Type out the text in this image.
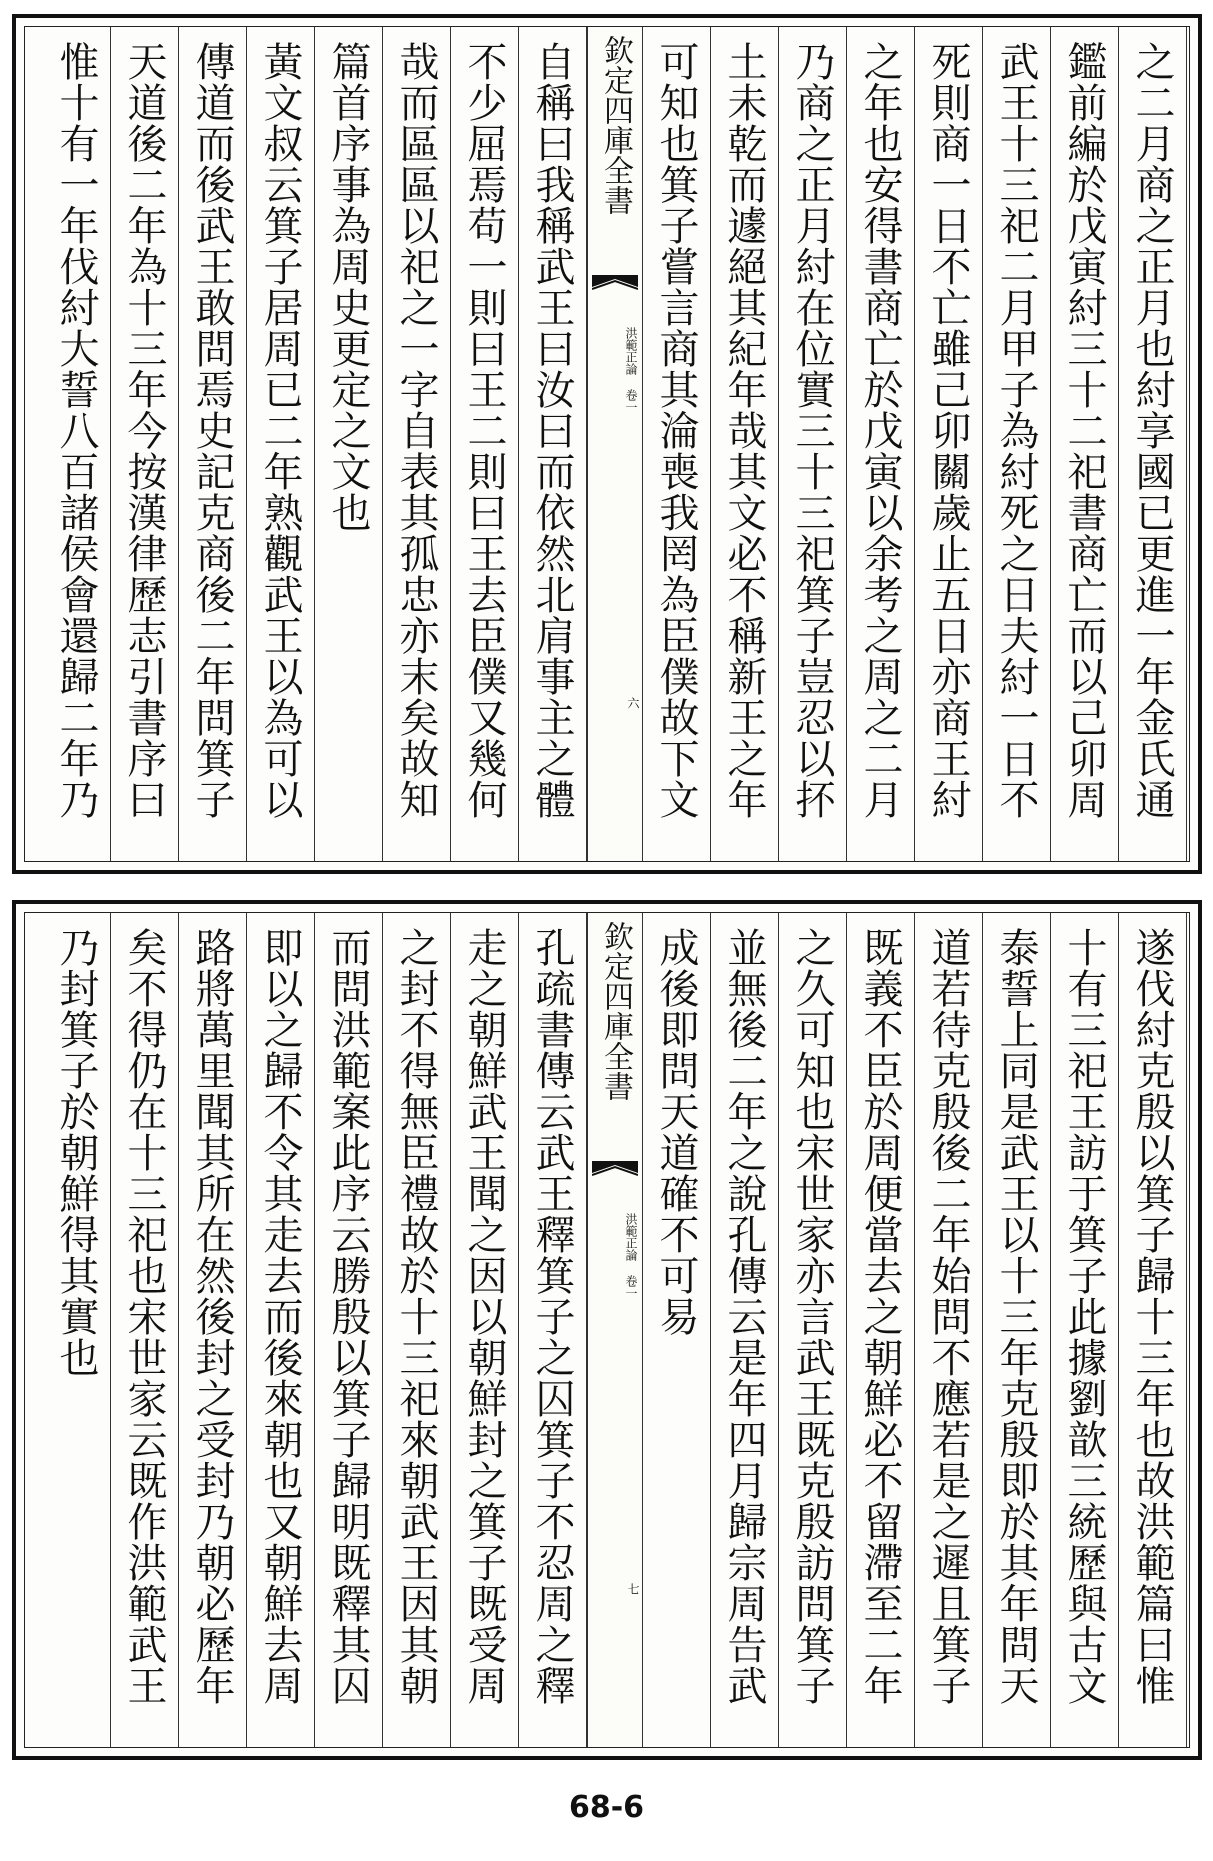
之二月商之正月也紂享國已更進一年金氏通
鑑前編於戊寅紂三十二祀書商亡而以己卯周
武王十三祀二月甲子為紂死之日夫紂一日不
死則商一日不亡雖己卯關歲止五日亦商王紂
之年也安得書商亡於戊寅以余考之周之二月
乃商之正月紂在位實三十三祀箕子豈忍以抔
土未乾而遽絕其紀年哉其文必不稱新王之年
可知也箕子嘗言商其淪喪我罔為臣僕故下文
欽定四庫全書
洪範正論 卷一
六
自稱曰我稱武王曰汝曰而依然北肩事主之體
不少屈焉苟一則曰王二則曰王去臣僕又幾何
哉而區區以祀之一字自表其孤忠亦末矣故知
篇首序事為周史更定之文也
黃文叔云箕子居周已二年熟觀武王以為可以
傳道而後武王敢問焉史記克商後二年問箕子
天道後二年為十三年今按漢律歷志引書序曰
惟十有一年伐紂大誓八百諸侯會還歸二年乃
遂伐紂克殷以箕子歸十三年也故洪範篇曰惟
十有三祀王訪于箕子此據劉歆三統歷與古文
泰誓上同是武王以十三年克殷即於其年問天
道若待克殷後二年始問不應若是之遲且箕子
既義不臣於周便當去之朝鮮必不留滯至二年
之久可知也宋世家亦言武王既克殷訪問箕子
並無後二年之說孔傳云是年四月歸宗周告武
成後即問天道確不可易
欽定四庫全書
洪範正論 卷一
七
孔疏書傳云武王釋箕子之囚箕子不忍周之釋
走之朝鮮武王聞之因以朝鮮封之箕子既受周
之封不得無臣禮故於十三祀來朝武王因其朝
而問洪範案此序云勝殷以箕子歸明既釋其囚
即以之歸不令其走去而後來朝也又朝鮮去周
路將萬里聞其所在然後封之受封乃朝必歷年
矣不得仍在十三祀也宋世家云既作洪範武王
乃封箕子於朝鮮得其實也
68-6
